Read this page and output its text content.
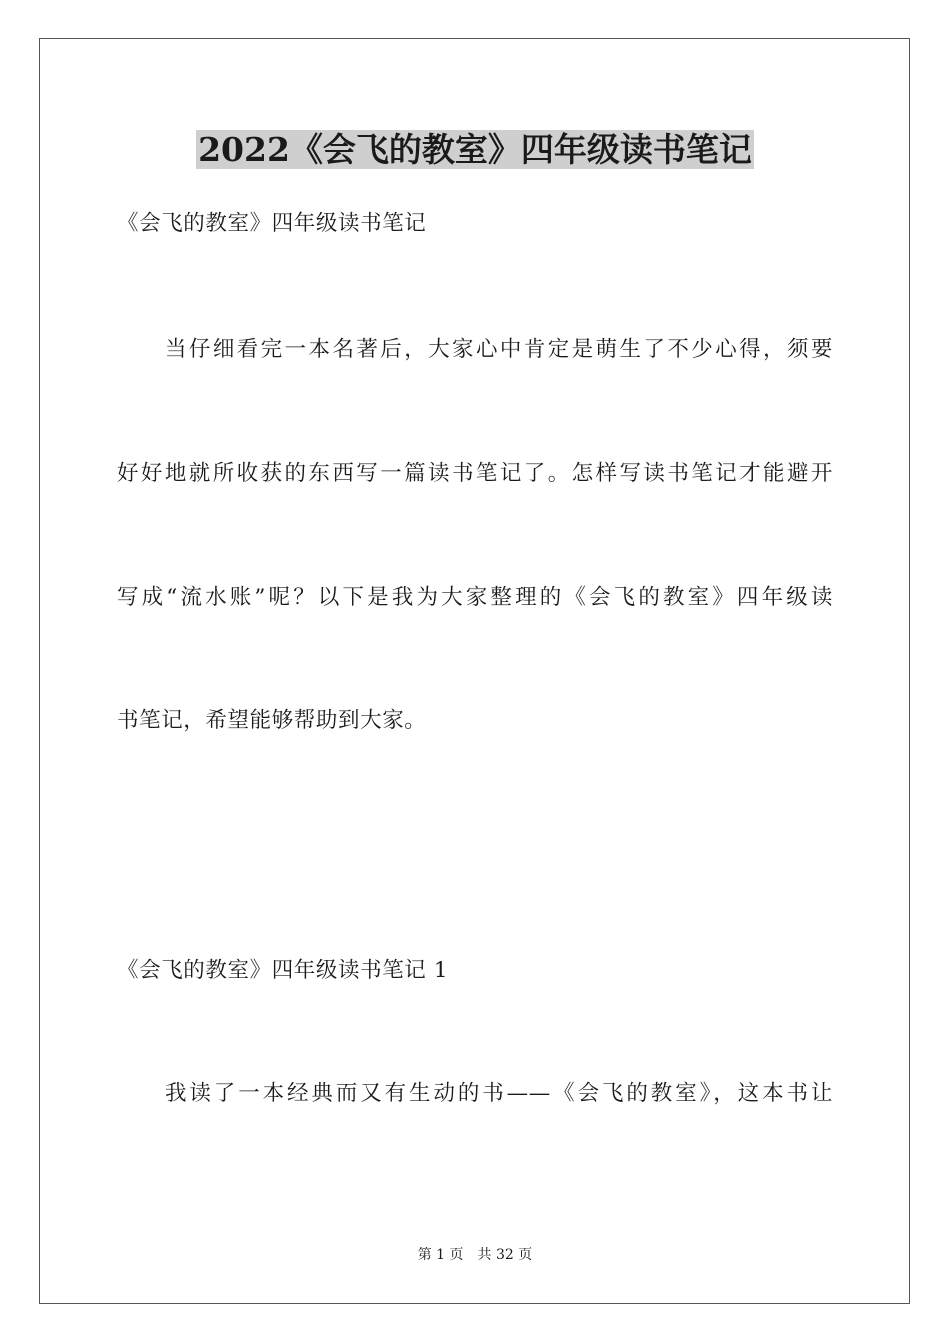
2022《会飞的教室》四年级读书笔记

《会飞的教室》四年级读书笔记

当仔细看完一本名著后，大家心中肯定是萌生了不少心得，须要

好好地就所收获的东西写一篇读书笔记了。怎样写读书笔记才能避开

写成“流水账”呢？以下是我为大家整理的《会飞的教室》四年级读

书笔记，希望能够帮助到大家。

《会飞的教室》四年级读书笔记 1

我读了一本经典而又有生动的书——《会飞的教室》，这本书让

第 1 页 共 32 页
